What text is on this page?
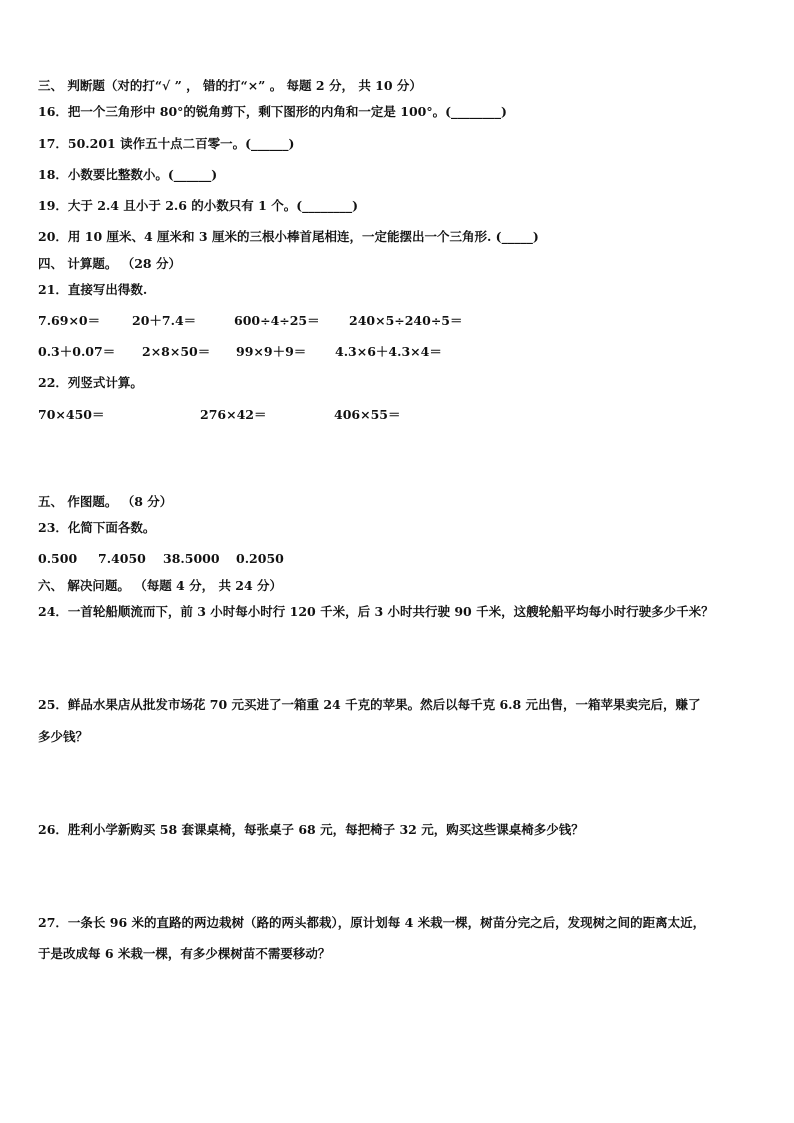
三、 判断题（对的打“√ ” ， 错的打“×” 。 每题 2 分， 共 10 分）
16．把一个三角形中 80°的锐角剪下，剩下图形的内角和一定是 100°。(________)
17．50.201 读作五十点二百零一。(______)
18．小数要比整数小。(______)
19．大于 2.4 且小于 2.6 的小数只有 1 个。(________)
20．用 10 厘米、4 厘米和 3 厘米的三根小棒首尾相连，一定能摆出一个三角形. (_____)
四、 计算题。 （28 分）
21．直接写出得数.
7.69×0＝	20＋7.4＝	600÷4÷25＝ 240×5÷240÷5＝
0.3＋0.07＝ 2×8×50＝ 99×9＋9＝ 4.3×6＋4.3×4＝
22．列竖式计算。
70×450＝	276×42＝	406×55＝
五、 作图题。 （8 分）
23．化简下面各数。
0.500 7.4050 38.5000 0.2050
六、 解决问题。 （每题 4 分， 共 24 分）
24．一首轮船顺流而下，前 3 小时每小时行 120 千米，后 3 小时共行驶 90 千米，这艘轮船平均每小时行驶多少千米？
25．鲜品水果店从批发市场花 70 元买进了一箱重 24 千克的苹果。然后以每千克 6.8 元出售，一箱苹果卖完后，赚了
多少钱？
26．胜利小学新购买 58 套课桌椅，每张桌子 68 元，每把椅子 32 元，购买这些课桌椅多少钱？
27．一条长 96 米的直路的两边栽树（路的两头都栽），原计划每 4 米栽一棵，树苗分完之后，发现树之间的距离太近，
于是改成每 6 米栽一棵，有多少棵树苗不需要移动？
